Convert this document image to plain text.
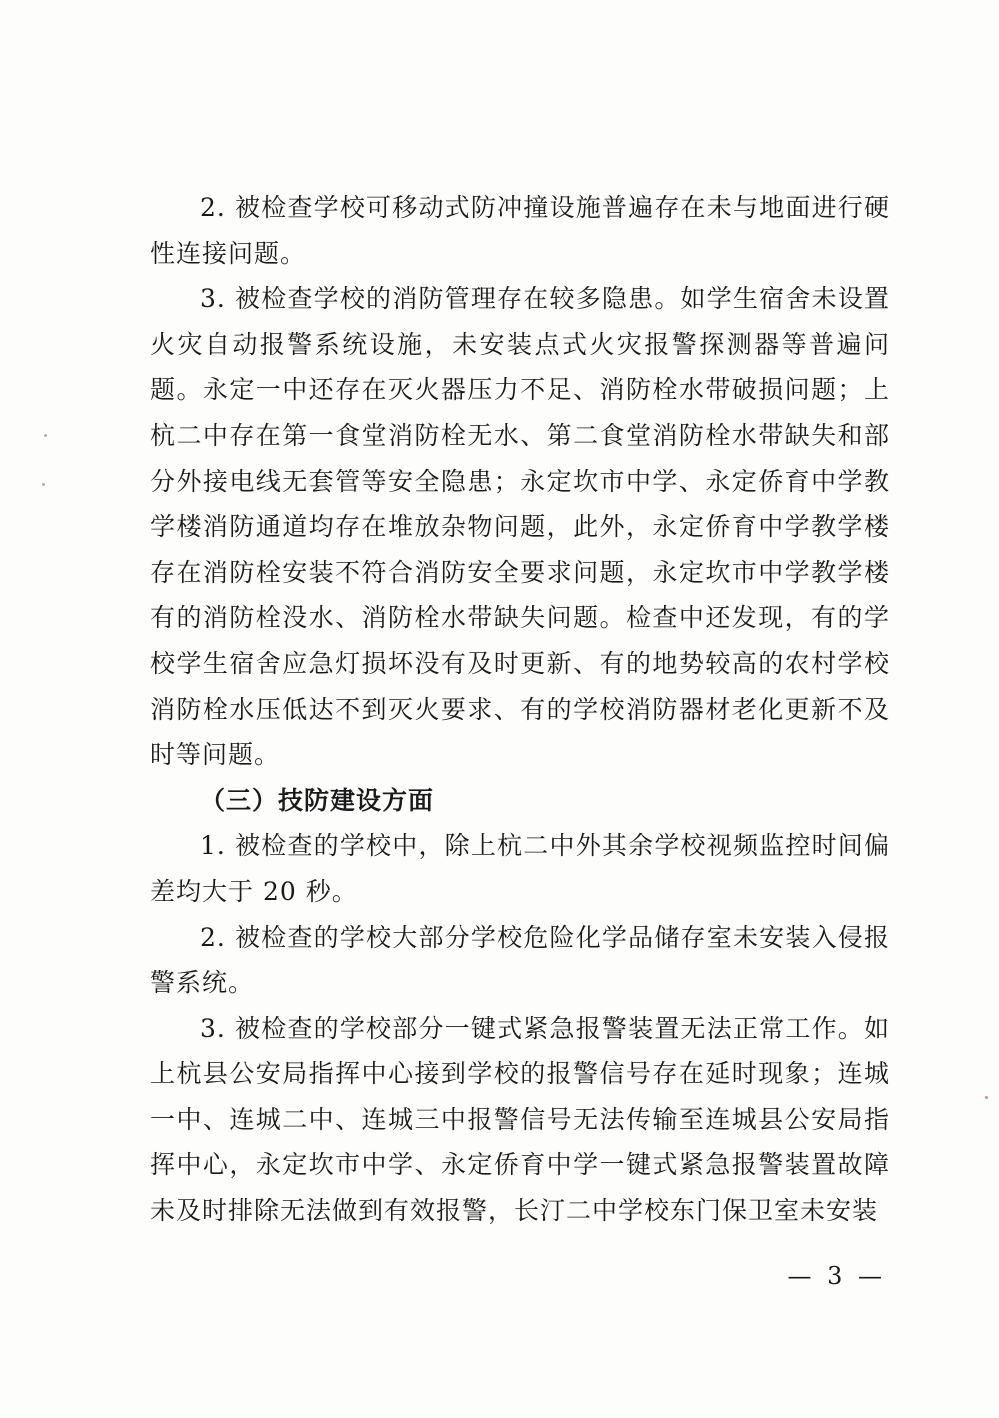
2. 被检查学校可移动式防冲撞设施普遍存在未与地面进行硬性连接问题。

3. 被检查学校的消防管理存在较多隐患。如学生宿舍未设置火灾自动报警系统设施，未安装点式火灾报警探测器等普遍问题。永定一中还存在灭火器压力不足、消防栓水带破损问题；上杭二中存在第一食堂消防栓无水、第二食堂消防栓水带缺失和部分外接电线无套管等安全隐患；永定坎市中学、永定侨育中学教学楼消防通道均存在堆放杂物问题，此外，永定侨育中学教学楼存在消防栓安装不符合消防安全要求问题，永定坎市中学教学楼有的消防栓没水、消防栓水带缺失问题。检查中还发现，有的学校学生宿舍应急灯损坏没有及时更新、有的地势较高的农村学校消防栓水压低达不到灭火要求、有的学校消防器材老化更新不及时等问题。

（三）技防建设方面

1. 被检查的学校中，除上杭二中外其余学校视频监控时间偏差均大于 20 秒。

2. 被检查的学校大部分学校危险化学品储存室未安装入侵报警系统。

3. 被检查的学校部分一键式紧急报警装置无法正常工作。如上杭县公安局指挥中心接到学校的报警信号存在延时现象；连城一中、连城二中、连城三中报警信号无法传输至连城县公安局指挥中心，永定坎市中学、永定侨育中学一键式紧急报警装置故障未及时排除无法做到有效报警，长汀二中学校东门保卫室未安装

— 3 —
